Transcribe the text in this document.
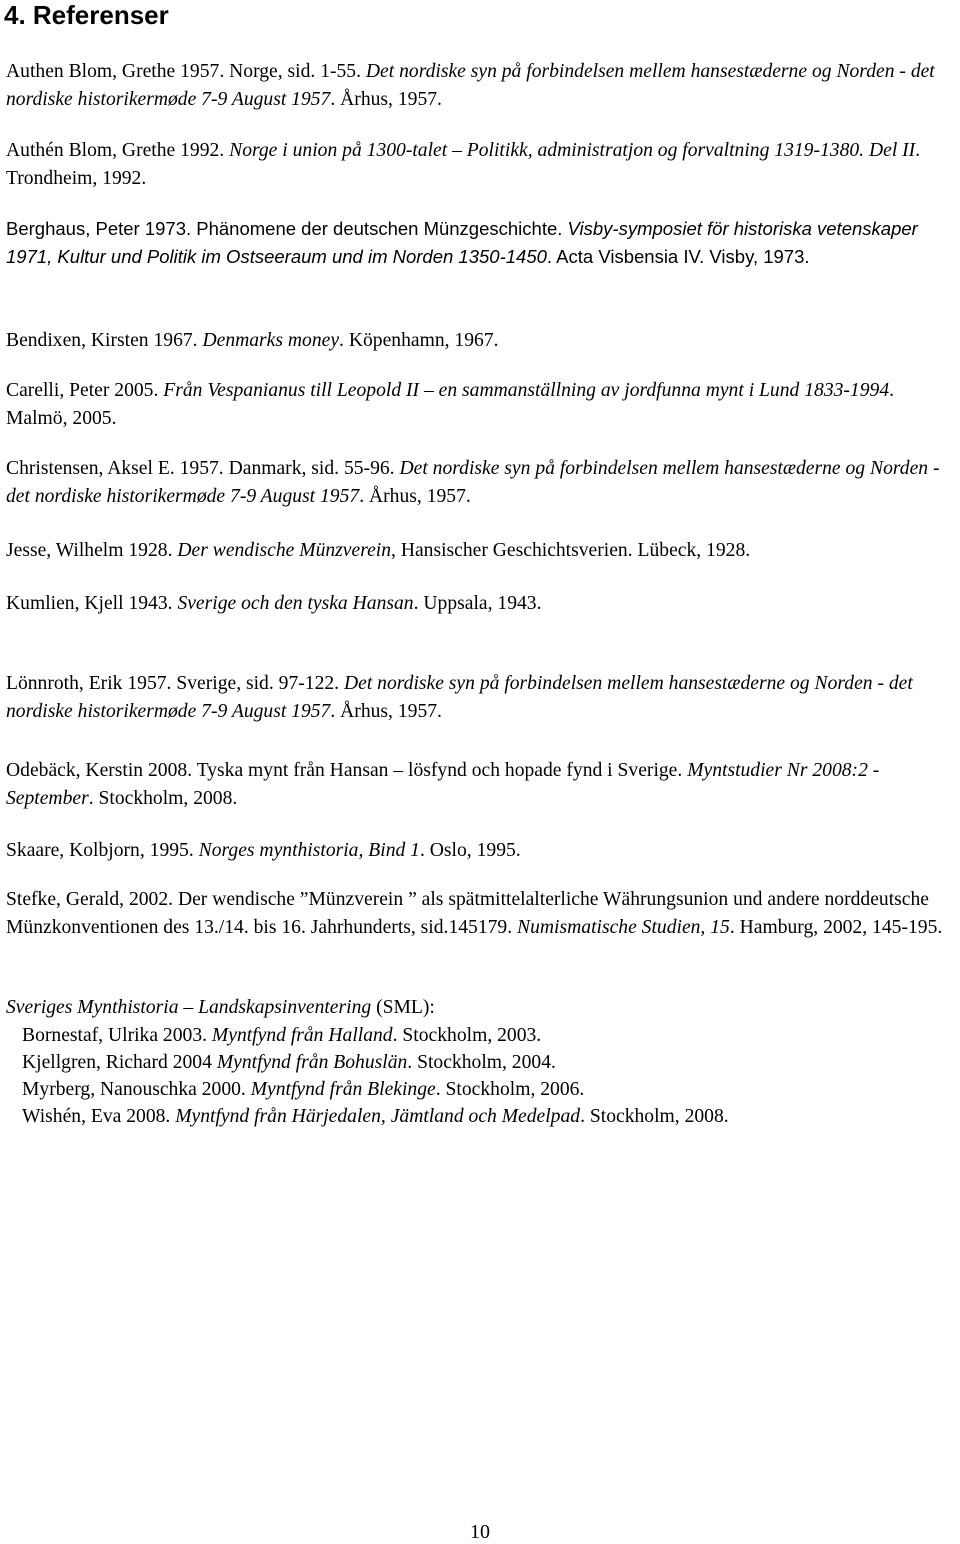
4. Referenser

Authen Blom, Grethe 1957. Norge, sid. 1-55. Det nordiske syn på forbindelsen mellem hansestæderne og Norden - det nordiske historikermøde 7-9 August 1957. Århus, 1957.

Authén Blom, Grethe 1992. Norge i union på 1300-talet – Politikk, administratjon og forvaltning 1319-1380. Del II. Trondheim, 1992.

Berghaus, Peter 1973. Phänomene der deutschen Münzgeschichte. Visby-symposiet för historiska vetenskaper 1971, Kultur und Politik im Ostseeraum und im Norden 1350-1450. Acta Visbensia IV. Visby, 1973.

Bendixen, Kirsten 1967. Denmarks money. Köpenhamn, 1967.

Carelli, Peter 2005. Från Vespanianus till Leopold II – en sammanställning av jordfunna mynt i Lund 1833-1994. Malmö, 2005.

Christensen, Aksel E. 1957. Danmark, sid. 55-96. Det nordiske syn på forbindelsen mellem hansestæderne og Norden - det nordiske historikermøde 7-9 August 1957. Århus, 1957.

Jesse, Wilhelm 1928. Der wendische Münzverein, Hansischer Geschichtsverien. Lübeck, 1928.

Kumlien, Kjell 1943. Sverige och den tyska Hansan. Uppsala, 1943.

Lönnroth, Erik 1957. Sverige, sid. 97-122. Det nordiske syn på forbindelsen mellem hansestæderne og Norden - det nordiske historikermøde 7-9 August 1957. Århus, 1957.

Odebäck, Kerstin 2008. Tyska mynt från Hansan – lösfynd och hopade fynd i Sverige. Myntstudier Nr 2008:2 - September. Stockholm, 2008.

Skaare, Kolbjorn, 1995. Norges mynthistoria, Bind 1. Oslo, 1995.

Stefke, Gerald, 2002. Der wendische ”Münzverein ” als spätmittelalterliche Währungsunion und andere norddeutsche Münzkonventionen des 13./14. bis 16. Jahrhunderts, sid.145179. Numismatische Studien, 15. Hamburg, 2002, 145-195.

Sveriges Mynthistoria – Landskapsinventering (SML):

Bornestaf, Ulrika 2003. Myntfynd från Halland. Stockholm, 2003.

Kjellgren, Richard 2004 Myntfynd från Bohuslän. Stockholm, 2004.

Myrberg, Nanouschka 2000. Myntfynd från Blekinge. Stockholm, 2006.

Wishén, Eva 2008. Myntfynd från Härjedalen, Jämtland och Medelpad. Stockholm, 2008.

10
